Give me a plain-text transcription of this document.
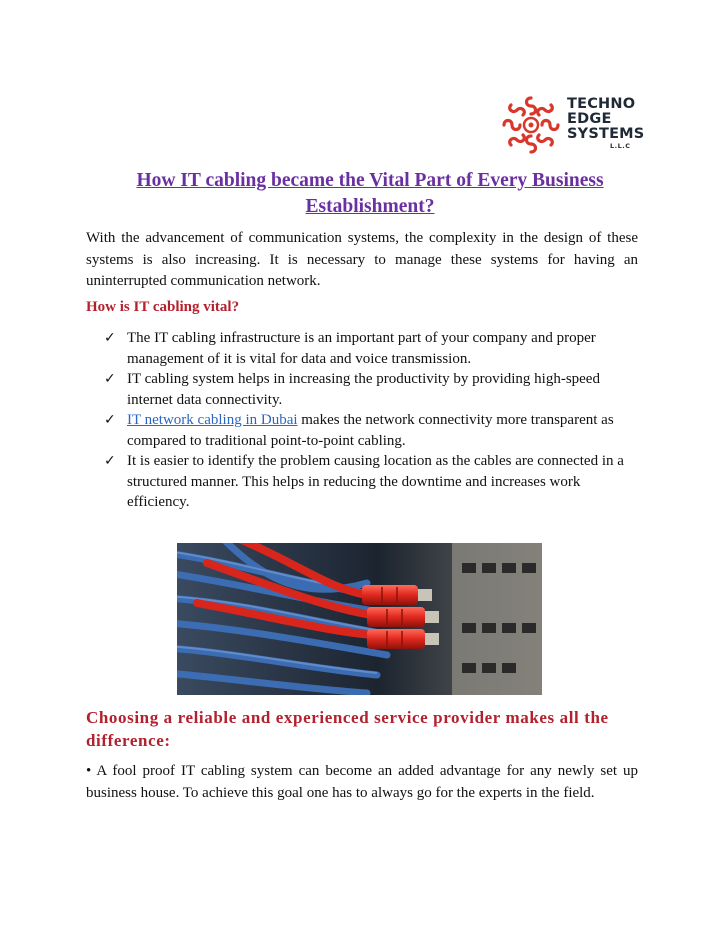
TECHNO
EDGE
SYSTEMS
L.L.C
How IT cabling became the Vital Part of Every Business Establishment?
With the advancement of communication systems, the complexity in the design of these systems is also increasing. It is necessary to manage these systems for having an uninterrupted communication network.
How is IT cabling vital?
✓ The IT cabling infrastructure is an important part of your company and proper management of it is vital for data and voice transmission.
✓ IT cabling system helps in increasing the productivity by providing high-speed internet data connectivity.
✓ IT network cabling in Dubai makes the network connectivity more transparent as compared to traditional point-to-point cabling.
✓ It is easier to identify the problem causing location as the cables are connected in a structured manner. This helps in reducing the downtime and increases work efficiency.
Choosing a reliable and experienced service provider makes all the difference:
• A fool proof IT cabling system can become an added advantage for any newly set up business house. To achieve this goal one has to always go for the experts in the field.
